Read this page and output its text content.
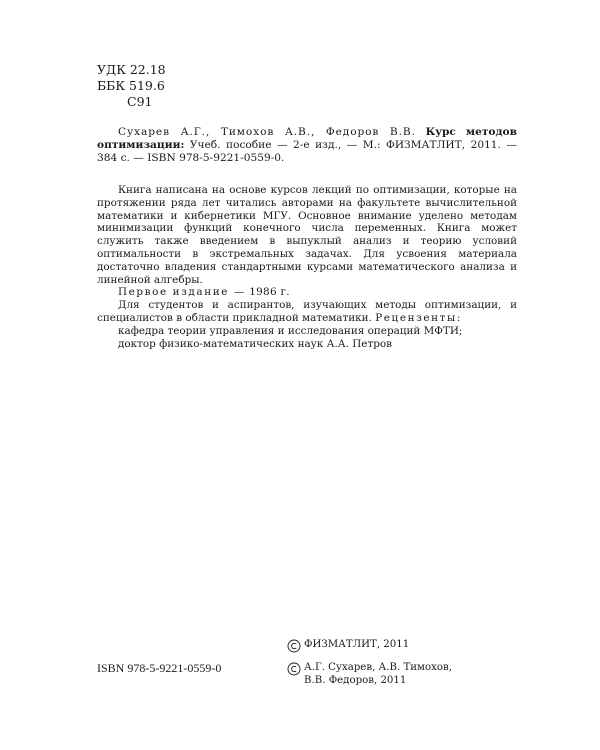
УДК 22.18
ББК 519.6
С91
Сухарев А.Г., Тимохов А.В., Федоров В.В. Курс методов оптимизации: Учеб. пособие — 2-е изд., — М.: ФИЗМАТЛИТ, 2011. — 384 с. — ISBN 978-5-9221-0559-0.

Книга написана на основе курсов лекций по оптимизации, которые на протяжении ряда лет читались авторами на факультете вычислительной математики и кибернетики МГУ. Основное внимание уделено методам минимизации функций конечного числа переменных. Книга может служить также введением в выпуклый анализ и теорию условий оптимальности в экстремальных задачах. Для усвоения материала достаточно владения стандартными курсами математического анализа и линейной алгебры.

Первое издание — 1986 г.

Для студентов и аспирантов, изучающих методы оптимизации, и специалистов в области прикладной математики. Рецензенты:

кафедра теории управления и исследования операций МФТИ;

доктор физико-математических наук А.А. Петров

ISBN 978-5-9221-0559-0
ФИЗМАТЛИТ, 2011
А.Г. Сухарев, А.В. Тимохов,
В.В. Федоров, 2011
